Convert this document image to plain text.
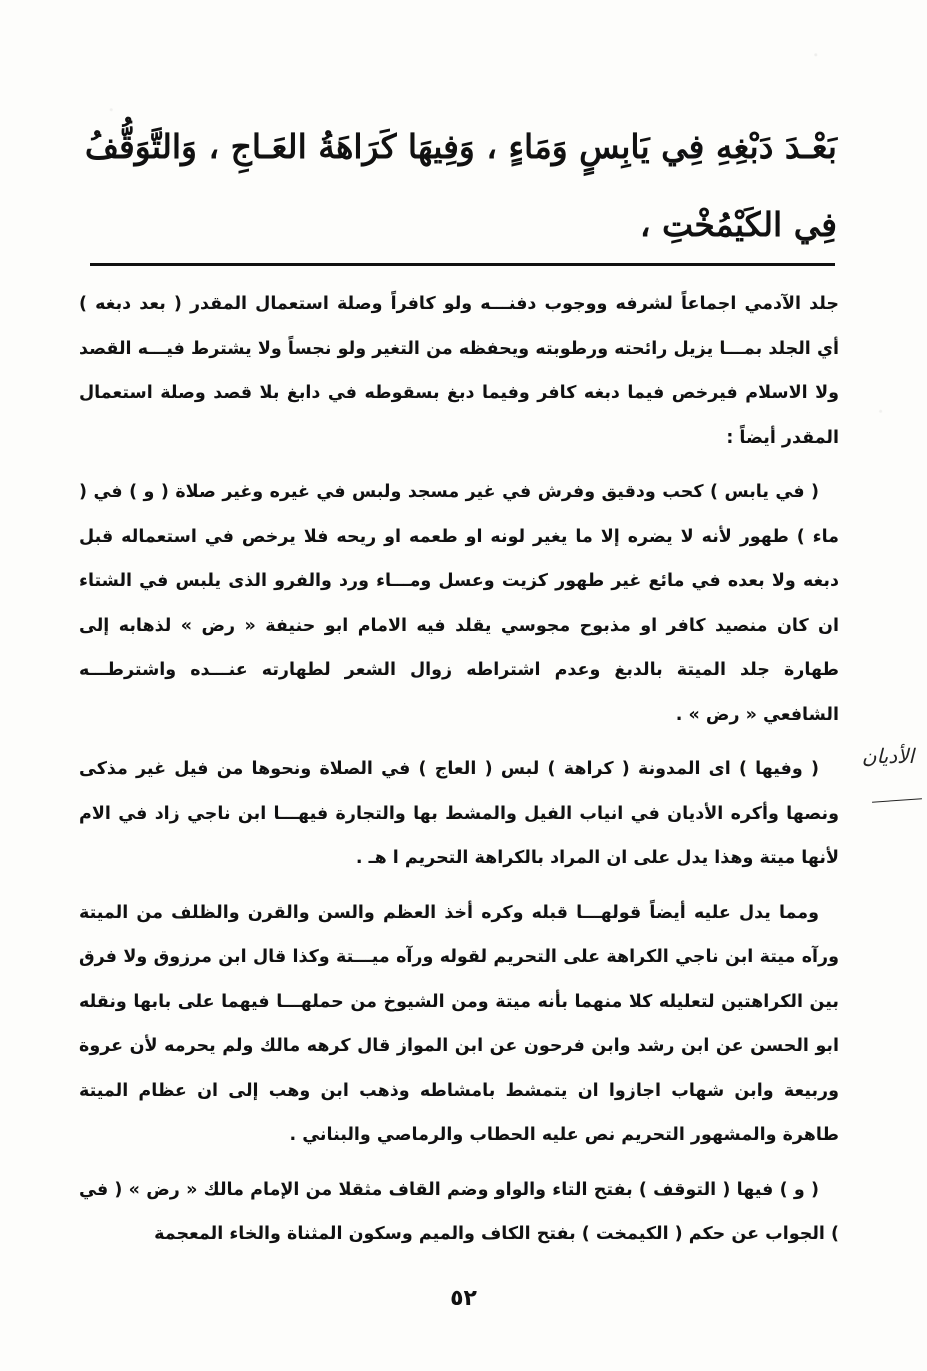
بَعْـدَ دَبْغِهِ فِي يَابِسٍ وَمَاءٍ ، وَفِيهَا كَرَاهَةُ العَـاجِ ، وَالتَّوَقُّفُ
فِي الكَيْمُخْتِ ،

جلد الآدمي اجماعاً لشرفه ووجوب دفنـــه ولو كافراً وصلة استعمال المقدر ( بعد دبغه ) أي الجلد بمـــا يزيل رائحته ورطوبته ويحفظه من التغير ولو نجساً ولا يشترط فيـــه القصد ولا الاسلام فيرخص فيما دبغه كافر وفيما دبغ بسقوطه في دابغ بلا قصد وصلة استعمال المقدر أيضاً :

( في يابس ) كحب ودقيق وفرش في غير مسجد ولبس في غيره وغير صلاة ( و ) في ( ماء ) طهور لأنه لا يضره إلا ما يغير لونه او طعمه او ريحه فلا يرخص في استعماله قبل دبغه ولا بعده في مائع غير طهور كزيت وعسل ومـــاء ورد والفرو الذى يلبس في الشتاء ان كان منصيد كافر او مذبوح مجوسي يقلد فيه الامام ابو حنيفة « رض » لذهابه إلى طهارة جلد الميتة بالدبغ وعدم اشتراطه زوال الشعر لطهارته عنـــده واشترطـــه الشافعي « رض » .

( وفيها ) اى المدونة ( كراهة ) لبس ( العاج ) في الصلاة ونحوها من فيل غير مذكى ونصها وأكره الأديان في انياب الفيل والمشط بها والتجارة فيهـــا ابن ناجي زاد في الام لأنها ميتة وهذا يدل على ان المراد بالكراهة التحريم ا هـ .

ومما يدل عليه أيضاً قولهـــا قبله وكره أخذ العظم والسن والقرن والظلف من الميتة ورآه ميتة ابن ناجي الكراهة على التحريم لقوله ورآه ميـــتة وكذا قال ابن مرزوق ولا فرق بين الكراهتين لتعليله كلا منهما بأنه ميتة ومن الشيوخ من حملهـــا فيهما على بابها ونقله ابو الحسن عن ابن رشد وابن فرحون عن ابن المواز قال كرهه مالك ولم يحرمه لأن عروة وربيعة وابن شهاب اجازوا ان يتمشط بامشاطه وذهب ابن وهب إلى ان عظام الميتة طاهرة والمشهور التحريم نص عليه الحطاب والرماصي والبناني .

( و ) فيها ( التوقف ) بفتح التاء والواو وضم القاف مثقلا من الإمام مالك « رض » ( في ) الجواب عن حكم ( الكيمخت ) بفتح الكاف والميم وسكون المثناة والخاء المعجمة

الأديان
٥٢
